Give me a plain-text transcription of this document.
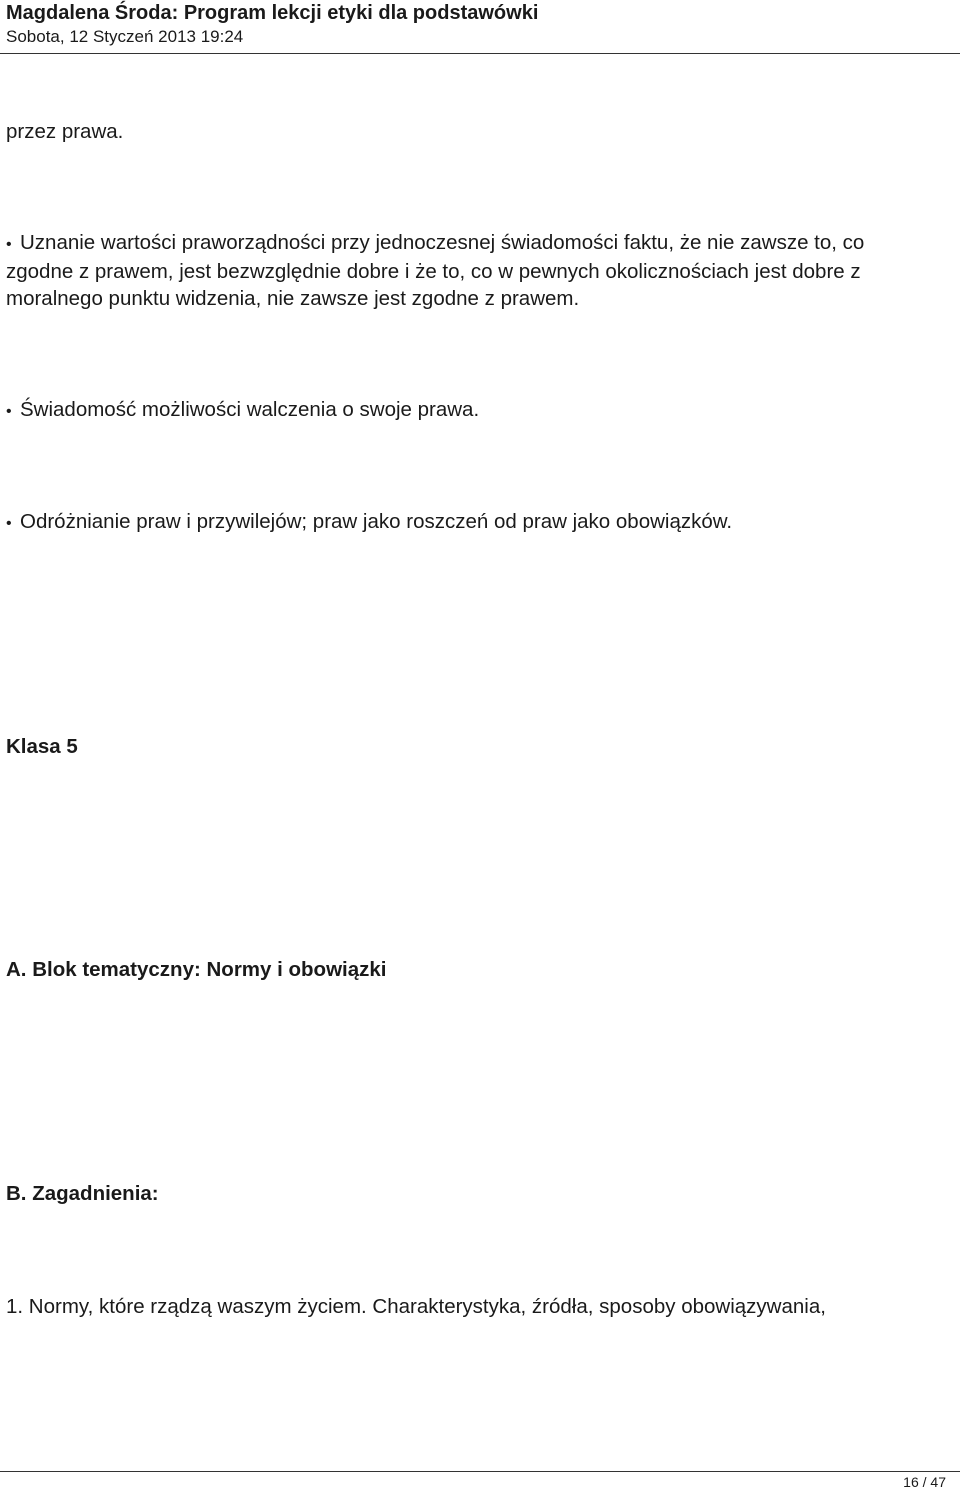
Magdalena Środa: Program lekcji etyki dla podstawówki
Sobota, 12 Styczeń 2013 19:24
przez prawa.
• Uznanie wartości praworządności przy jednoczesnej świadomości faktu, że nie zawsze to, co
zgodne z prawem, jest bezwzględnie dobre i że to, co w pewnych okolicznościach jest dobre z
moralnego punktu widzenia, nie zawsze jest zgodne z prawem.
• Świadomość możliwości walczenia o swoje prawa.
• Odróżnianie praw i przywilejów; praw jako roszczeń od praw jako obowiązków.
Klasa 5
A. Blok tematyczny: Normy i obowiązki
B. Zagadnienia:
1. Normy, które rządzą waszym życiem. Charakterystyka, źródła, sposoby obowiązywania,
16 / 47
